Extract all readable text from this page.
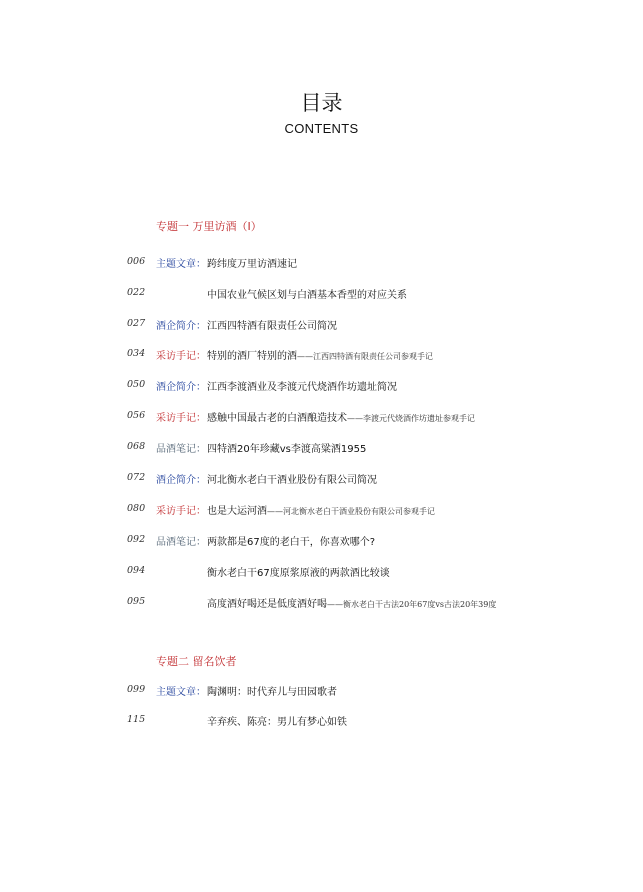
目录
CONTENTS
专题一 万里访酒（Ⅰ）
006 主题文章： 跨纬度万里访酒速记
022	中国农业气候区划与白酒基本香型的对应关系
027 酒企简介： 江西四特酒有限责任公司简况
034 采访手记： 特别的酒厂特别的酒——江西四特酒有限责任公司参观手记
050 酒企简介： 江西李渡酒业及李渡元代烧酒作坊遗址简况
056 采访手记： 感触中国最古老的白酒酿造技术——李渡元代烧酒作坊遗址参观手记
068 品酒笔记： 四特酒20年珍藏vs李渡高粱酒1955
072 酒企简介： 河北衡水老白干酒业股份有限公司简况
080 采访手记： 也是大运河酒——河北衡水老白干酒业股份有限公司参观手记
092 品酒笔记： 两款都是67度的老白干，你喜欢哪个?
094	衡水老白干67度原浆原液的两款酒比较谈
095	高度酒好喝还是低度酒好喝——衡水老白干古法20年67度vs古法20年39度
专题二 留名饮者
099 主题文章： 陶渊明：时代弃儿与田园歌者
115	辛弃疾、陈亮：男儿有梦心如铁
